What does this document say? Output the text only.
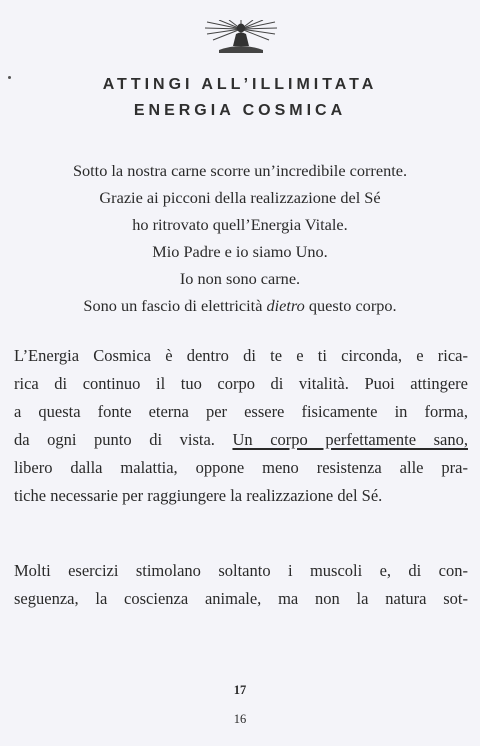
ATTINGI ALL’ILLIMITATA
ENERGIA COSMICA
Sotto la nostra carne scorre un’incredibile corrente.
Grazie ai picconi della realizzazione del Sé
ho ritrovato quell’Energia Vitale.
Mio Padre e io siamo Uno.
Io non sono carne.
Sono un fascio di elettricità dietro questo corpo.
L’Energia Cosmica è dentro di te e ti circonda, e rica-
rica di continuo il tuo corpo di vitalità. Puoi attingere
a questa fonte eterna per essere fisicamente in forma,
da ogni punto di vista. Un corpo perfettamente sano,
libero dalla malattia, oppone meno resistenza alle pra-
tiche necessarie per raggiungere la realizzazione del Sé.
Molti esercizi stimolano soltanto i muscoli e, di con-
seguenza, la coscienza animale, ma non la natura sot-
17
16
